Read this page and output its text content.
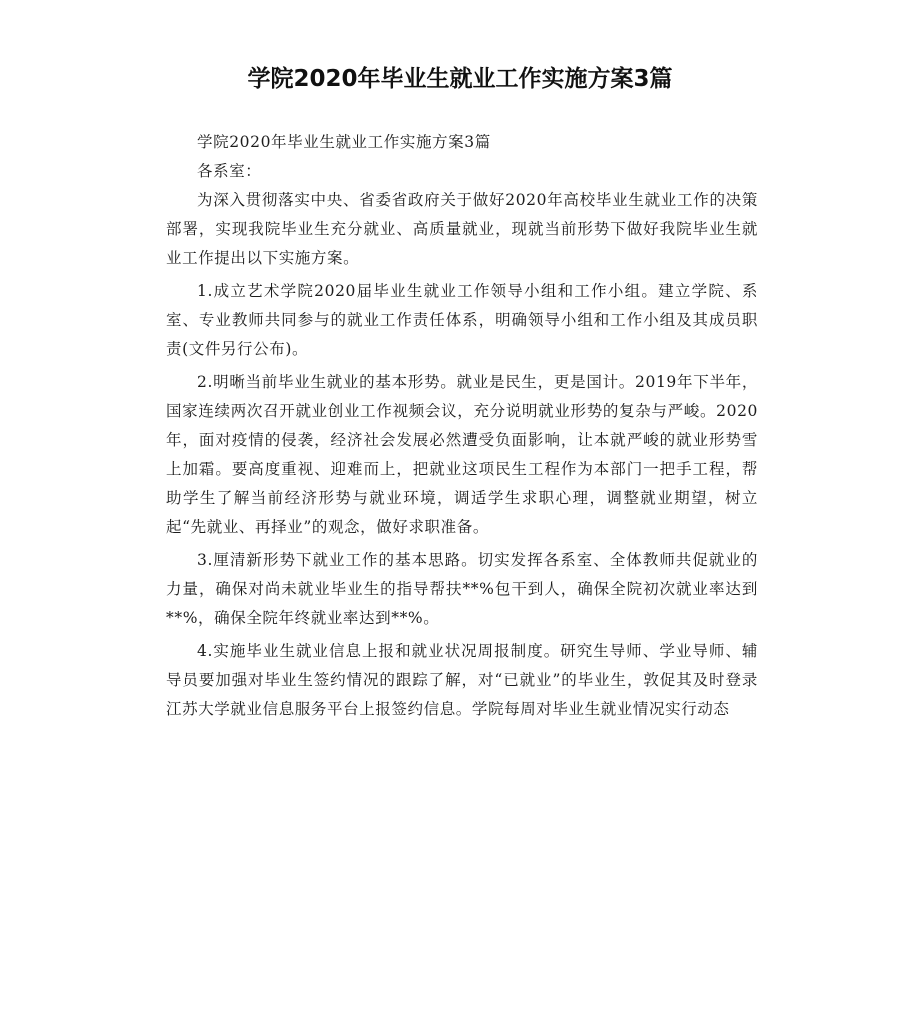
学院2020年毕业生就业工作实施方案3篇

学院2020年毕业生就业工作实施方案3篇

各系室：

为深入贯彻落实中央、省委省政府关于做好2020年高校毕业生就业工作的决策部署，实现我院毕业生充分就业、高质量就业，现就当前形势下做好我院毕业生就业工作提出以下实施方案。

1.成立艺术学院2020届毕业生就业工作领导小组和工作小组。建立学院、系室、专业教师共同参与的就业工作责任体系，明确领导小组和工作小组及其成员职责(文件另行公布)。

2.明晰当前毕业生就业的基本形势。就业是民生，更是国计。2019年下半年，国家连续两次召开就业创业工作视频会议，充分说明就业形势的复杂与严峻。2020年，面对疫情的侵袭，经济社会发展必然遭受负面影响，让本就严峻的就业形势雪上加霜。要高度重视、迎难而上，把就业这项民生工程作为本部门一把手工程，帮助学生了解当前经济形势与就业环境，调适学生求职心理，调整就业期望，树立起“先就业、再择业”的观念，做好求职准备。

3.厘清新形势下就业工作的基本思路。切实发挥各系室、全体教师共促就业的力量，确保对尚未就业毕业生的指导帮扶**%包干到人，确保全院初次就业率达到**%，确保全院年终就业率达到**%。

4.实施毕业生就业信息上报和就业状况周报制度。研究生导师、学业导师、辅导员要加强对毕业生签约情况的跟踪了解，对“已就业”的毕业生，敦促其及时登录江苏大学就业信息服务平台上报签约信息。学院每周对毕业生就业情况实行动态
